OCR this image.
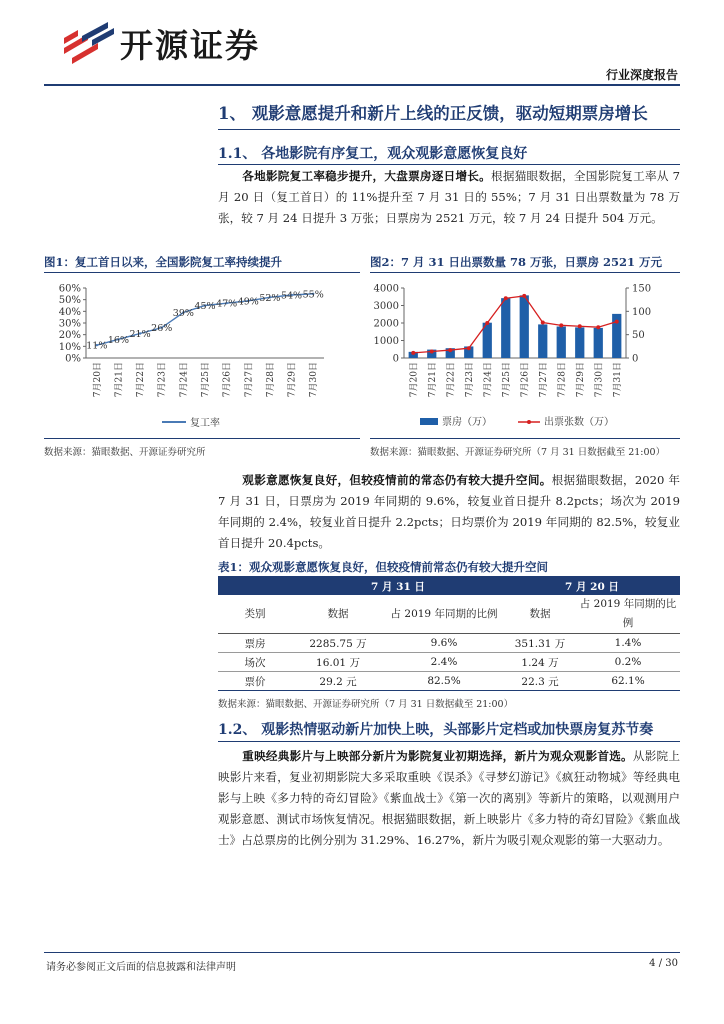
开源证券
行业深度报告
1、 观影意愿提升和新片上线的正反馈，驱动短期票房增长
1.1、 各地影院有序复工，观众观影意愿恢复良好
各地影院复工率稳步提升，大盘票房逐日增长。根据猫眼数据，全国影院复工率从 7 月 20 日（复工首日）的 11%提升至 7 月 31 日的 55%；7 月 31 日出票数量为 78 万张，较 7 月 24 日提升 3 万张；日票房为 2521 万元，较 7 月 24 日提升 504 万元。
图1：复工首日以来，全国影院复工率持续提升
0%
10%
20%
30%
40%
50%
60%
7月20日 7月21日 7月22日 7月23日 7月24日 7月25日 7月26日 7月27日 7月28日 7月29日 7月30日
11%
16%
21%
26%
39%
45% 47% 49% 52% 54% 55%
复工率
数据来源：猫眼数据、开源证券研究所
图2：7 月 31 日出票数量 78 万张，日票房 2521 万元
0
1000
2000
3000
4000
0
50
100
150
7月20日 7月21日 7月22日 7月23日 7月24日 7月25日 7月26日 7月27日 7月28日 7月29日 7月30日 7月31日
票房（万）	出票张数（万）
数据来源：猫眼数据、开源证券研究所（7 月 31 日数据截至 21:00）
观影意愿恢复良好，但较疫情前的常态仍有较大提升空间。根据猫眼数据，2020 年 7 月 31 日，日票房为 2019 年同期的 9.6%，较复业首日提升 8.2pcts；场次为 2019 年同期的 2.4%，较复业首日提升 2.2pcts；日均票价为 2019 年同期的 82.5%，较复业首日提升 20.4pcts。
表1：观众观影意愿恢复良好，但较疫情前常态仍有较大提升空间
	7 月 31 日		7 月 20 日	
类别	数据	占 2019 年同期的比例	数据	占 2019 年同期的比例
票房	2285.75 万	9.6%	351.31 万	1.4%
场次	16.01 万	2.4%	1.24 万	0.2%
票价	29.2 元	82.5%	22.3 元	62.1%
数据来源：猫眼数据、开源证券研究所（7 月 31 日数据截至 21:00）
1.2、 观影热情驱动新片加快上映，头部影片定档或加快票房复苏节奏
重映经典影片与上映部分新片为影院复业初期选择，新片为观众观影首选。从影院上映影片来看，复业初期影院大多采取重映《误杀》《寻梦幻游记》《疯狂动物城》等经典电影与上映《多力特的奇幻冒险》《紫血战士》《第一次的离别》等新片的策略，以观测用户观影意愿、测试市场恢复情况。根据猫眼数据，新上映影片《多力特的奇幻冒险》《紫血战士》占总票房的比例分别为 31.29%、16.27%，新片为吸引观众观影的第一大驱动力。
请务必参阅正文后面的信息披露和法律声明	4 / 30
